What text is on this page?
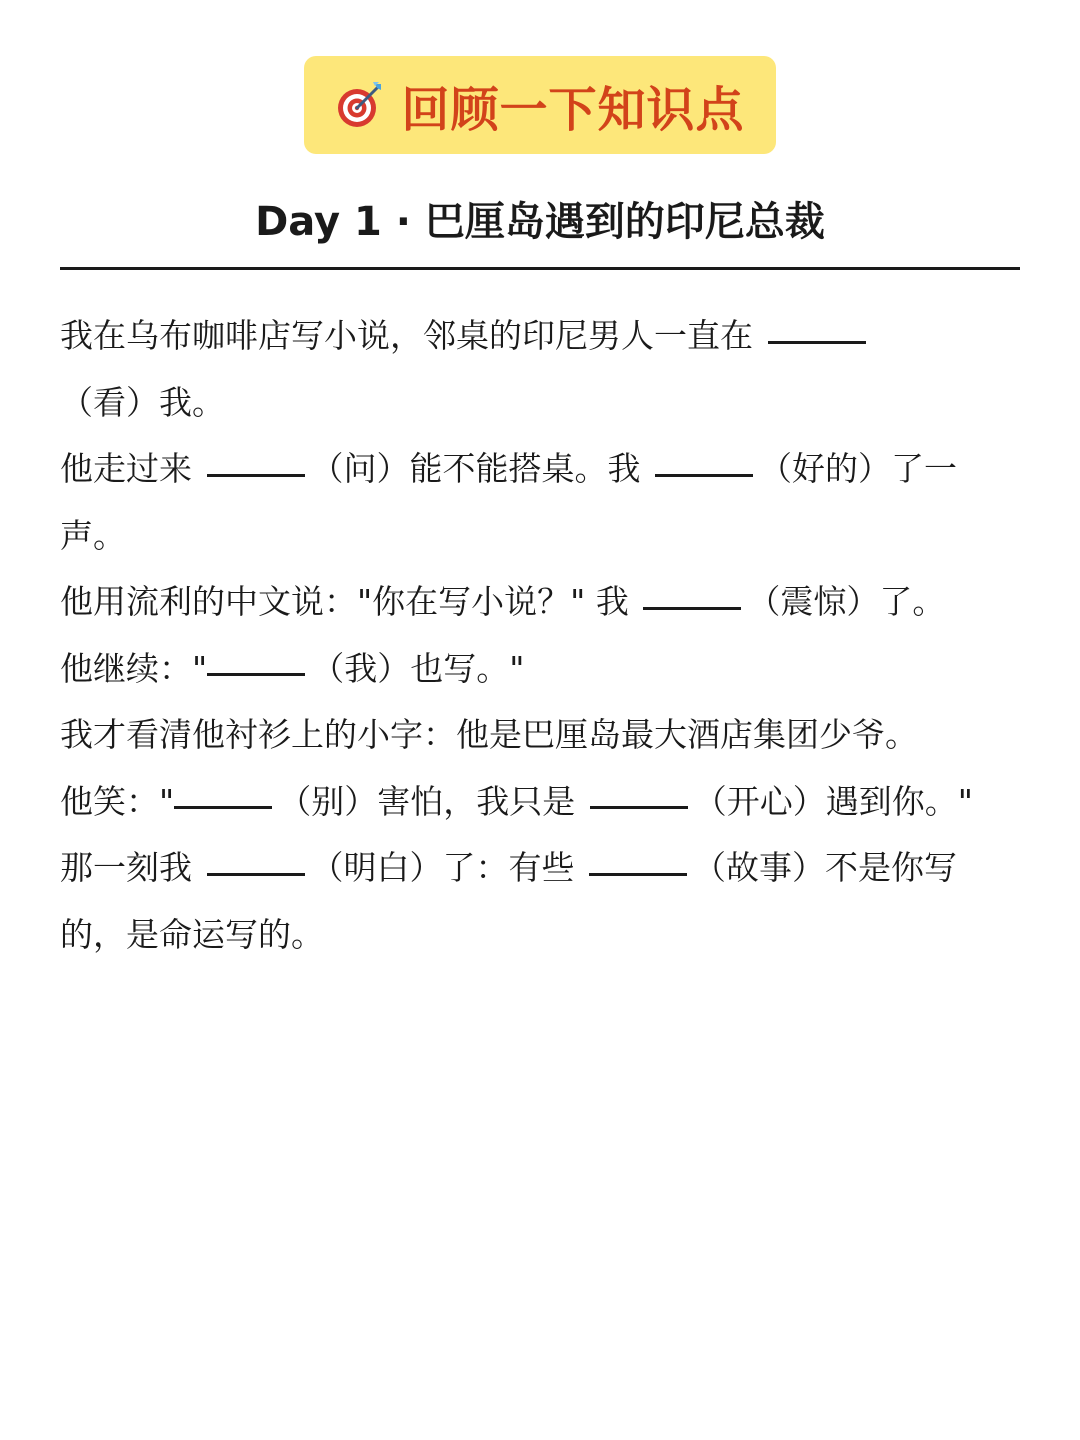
回顾一下知识点
Day 1 · 巴厘岛遇到的印尼总裁

我在乌布咖啡店写小说，邻桌的印尼男人一直在
（看）我。

他走过来	（问）能不能搭桌。我	（好的）了一声。

他用流利的中文说："你在写小说？" 我	（震惊）了。

他继续："	（我）也写。"

我才看清他衬衫上的小字：他是巴厘岛最大酒店集团少爷。

他笑："	（别）害怕，我只是	（开心）遇到你。"

那一刻我	（明白）了：有些	（故事）不是你写的，是命运写的。
